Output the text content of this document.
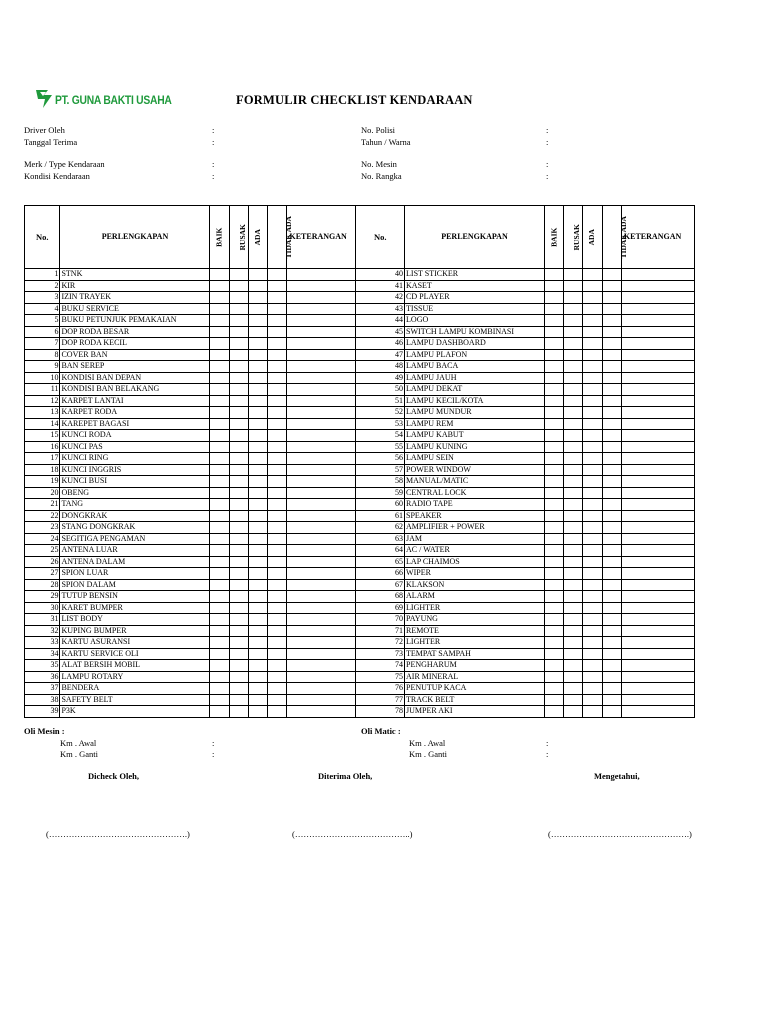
PT. GUNA BAKTI USAHA	FORMULIR CHECKLIST KENDARAAN
Driver Oleh	:
Tanggal Terima	:
Merk / Type Kendaraan	:
Kondisi Kendaraan	:
No. Polisi	:
Tahun / Warna	:
No. Mesin	:
No. Rangka	:
No.	PERLENGKAPAN	BAIK	RUSAK	ADA	TIDAK ADA	KETERANGAN	No.	PERLENGKAPAN	BAIK	RUSAK	ADA	TIDAK ADA	KETERANGAN
1	STNK						40	LIST STICKER					
2	KIR						41	KASET					
3	IZIN TRAYEK						42	CD PLAYER					
4	BUKU SERVICE						43	TISSUE					
5	BUKU PETUNJUK PEMAKAIAN						44	LOGO					
6	DOP RODA BESAR						45	SWITCH LAMPU KOMBINASI					
7	DOP RODA KECIL						46	LAMPU DASHBOARD					
8	COVER BAN						47	LAMPU PLAFON					
9	BAN SEREP						48	LAMPU BACA					
10	KONDISI BAN DEPAN						49	LAMPU JAUH					
11	KONDISI BAN BELAKANG						50	LAMPU DEKAT					
12	KARPET LANTAI						51	LAMPU KECIL/KOTA					
13	KARPET RODA						52	LAMPU MUNDUR					
14	KAREPET BAGASI						53	LAMPU REM					
15	KUNCI RODA						54	LAMPU KABUT					
16	KUNCI PAS						55	LAMPU KUNING					
17	KUNCI RING						56	LAMPU SEIN					
18	KUNCI INGGRIS						57	POWER WINDOW					
19	KUNCI BUSI						58	MANUAL/MATIC					
20	OBENG						59	CENTRAL LOCK					
21	TANG						60	RADIO TAPE					
22	DONGKRAK						61	SPEAKER					
23	STANG DONGKRAK						62	AMPLIFIER + POWER					
24	SEGITIGA PENGAMAN						63	JAM					
25	ANTENA LUAR						64	AC / WATER					
26	ANTENA DALAM						65	LAP CHAIMOS					
27	SPION LUAR						66	WIPER					
28	SPION DALAM						67	KLAKSON					
29	TUTUP BENSIN						68	ALARM					
30	KARET BUMPER						69	LIGHTER					
31	LIST BODY						70	PAYUNG					
32	KUPING BUMPER						71	REMOTE					
33	KARTU ASURANSI						72	LIGHTER					
34	KARTU SERVICE OLI						73	TEMPAT SAMPAH					
35	ALAT BERSIH MOBIL						74	PENGHARUM					
36	LAMPU ROTARY						75	AIR MINERAL					
37	BENDERA						76	PENUTUP KACA					
38	SAFETY BELT						77	TRACK BELT					
39	P3K						78	JUMPER AKI					
Oli Mesin :
Km . Awal	:
Km . Ganti	:
Oli Matic :
Km . Awal	:
Km . Ganti	:
Dicheck Oleh,	Diterima Oleh,	Mengetahui,
(………………………………………….)	(…………………………………..)	(………………………………………….)
